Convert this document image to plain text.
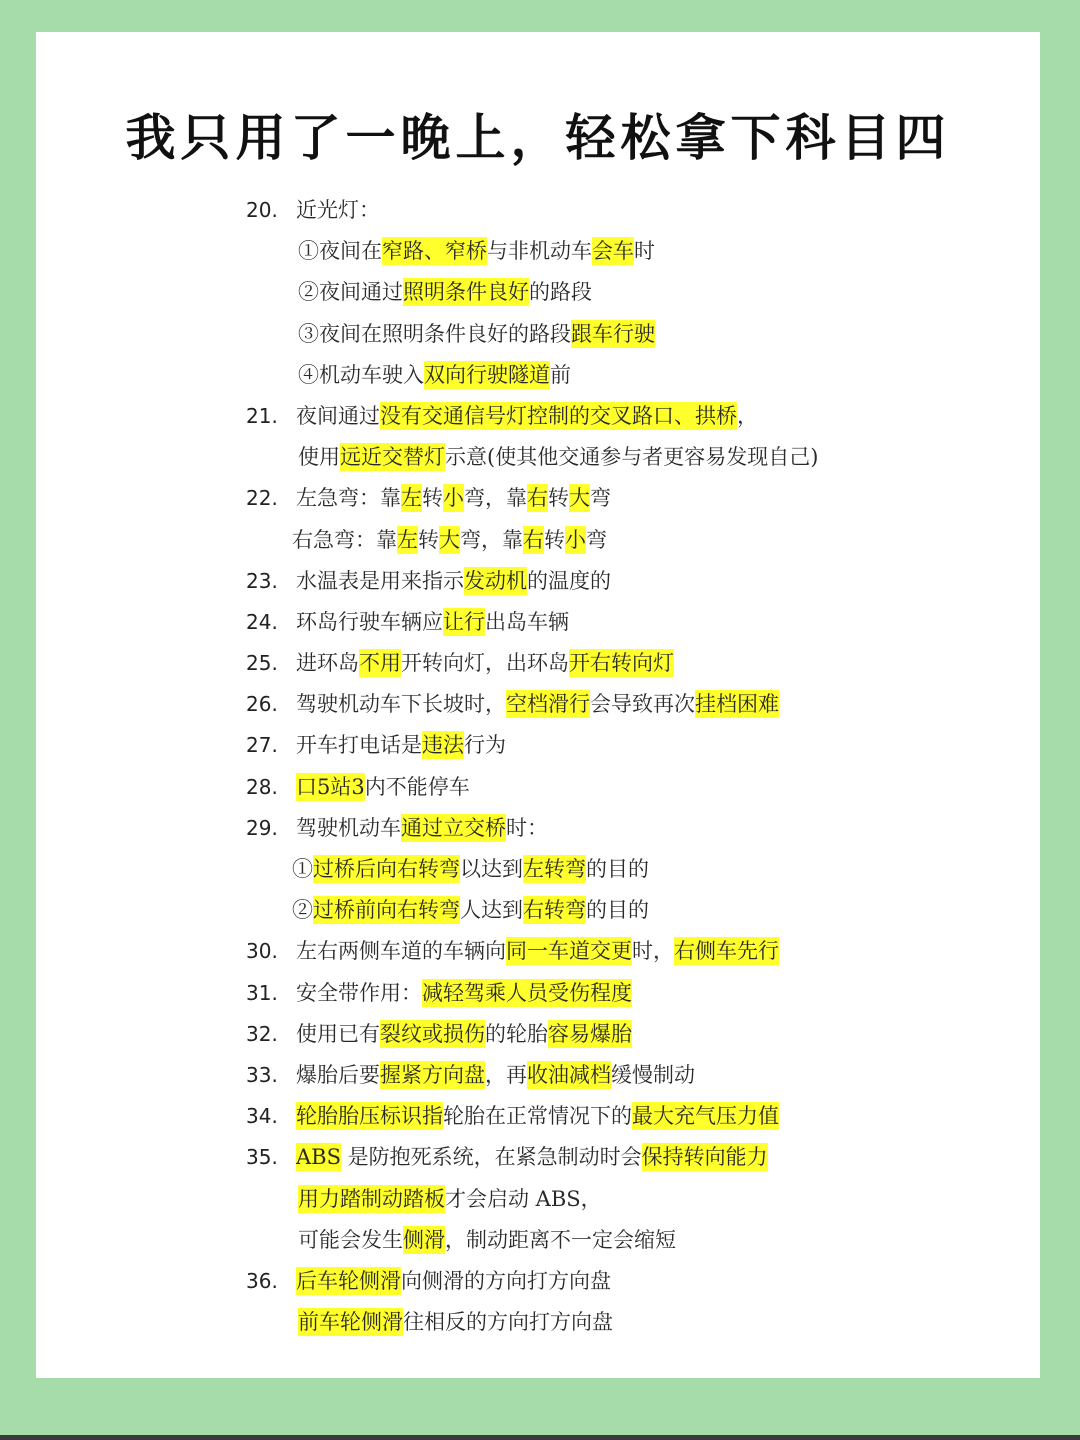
我只用了一晚上，轻松拿下科目四
20. 近光灯：
①夜间在窄路、窄桥与非机动车会车时
②夜间通过照明条件良好的路段
③夜间在照明条件良好的路段跟车行驶
④机动车驶入双向行驶隧道前
21. 夜间通过没有交通信号灯控制的交叉路口、拱桥，
使用远近交替灯示意(使其他交通参与者更容易发现自己)
22. 左急弯：靠左转小弯，靠右转大弯
右急弯：靠左转大弯，靠右转小弯
23. 水温表是用来指示发动机的温度的
24. 环岛行驶车辆应让行出岛车辆
25. 进环岛不用开转向灯，出环岛开右转向灯
26. 驾驶机动车下长坡时，空档滑行会导致再次挂档困难
27. 开车打电话是违法行为
28. 口5站3内不能停车
29. 驾驶机动车通过立交桥时：
①过桥后向右转弯以达到左转弯的目的
②过桥前向右转弯人达到右转弯的目的
30. 左右两侧车道的车辆向同一车道交更时，右侧车先行
31. 安全带作用：减轻驾乘人员受伤程度
32. 使用已有裂纹或损伤的轮胎容易爆胎
33. 爆胎后要握紧方向盘，再收油减档缓慢制动
34. 轮胎胎压标识指轮胎在正常情况下的最大充气压力值
35. ABS 是防抱死系统，在紧急制动时会保持转向能力
用力踏制动踏板才会启动 ABS，
可能会发生侧滑，制动距离不一定会缩短
36. 后车轮侧滑向侧滑的方向打方向盘
前车轮侧滑往相反的方向打方向盘
